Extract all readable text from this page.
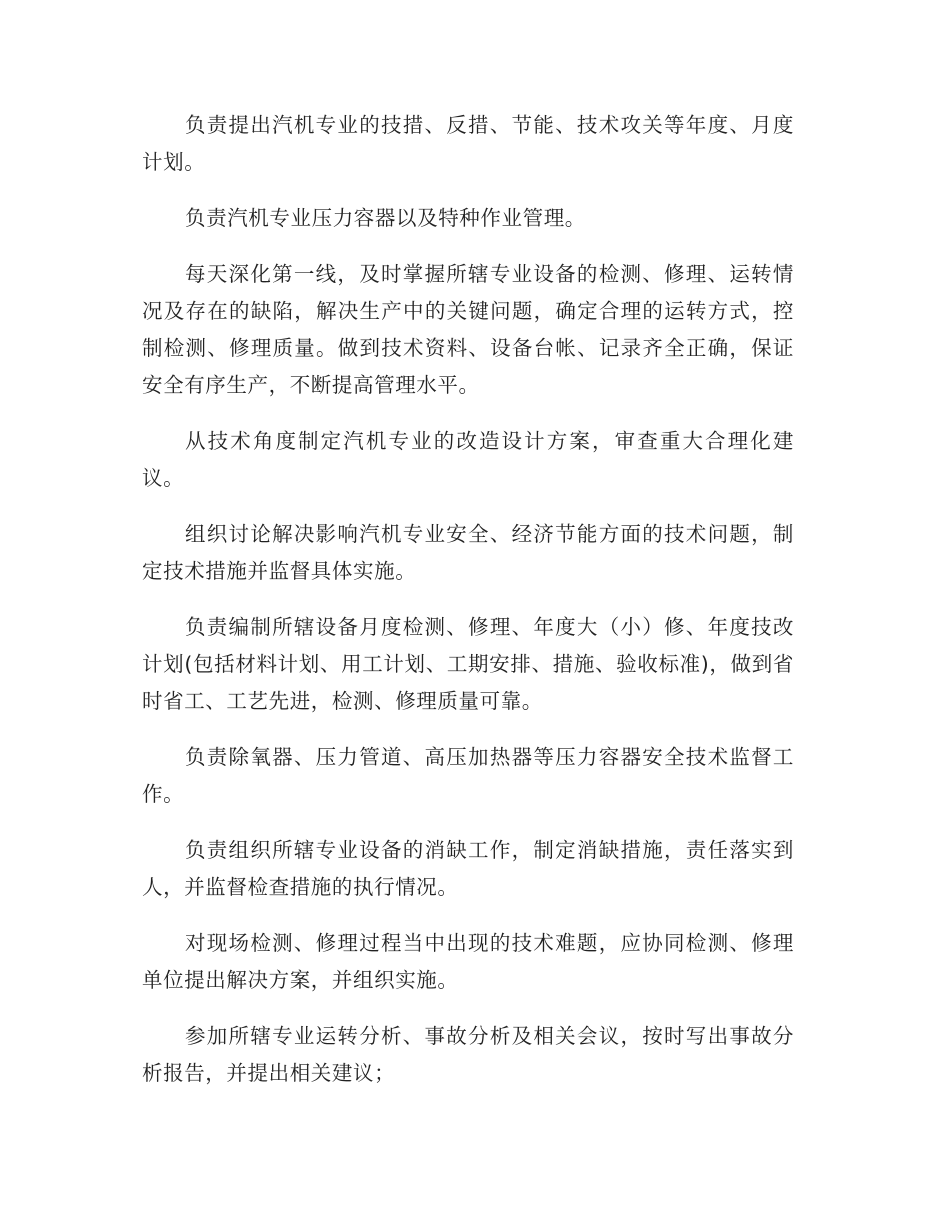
负责提出汽机专业的技措、反措、节能、技术攻关等年度、月度计划。

负责汽机专业压力容器以及特种作业管理。

每天深化第一线，及时掌握所辖专业设备的检测、修理、运转情况及存在的缺陷，解决生产中的关键问题，确定合理的运转方式，控制检测、修理质量。做到技术资料、设备台帐、记录齐全正确，保证安全有序生产，不断提高管理水平。

从技术角度制定汽机专业的改造设计方案，审查重大合理化建议。

组织讨论解决影响汽机专业安全、经济节能方面的技术问题，制定技术措施并监督具体实施。

负责编制所辖设备月度检测、修理、年度大（小）修、年度技改计划(包括材料计划、用工计划、工期安排、措施、验收标准)，做到省时省工、工艺先进，检测、修理质量可靠。

负责除氧器、压力管道、高压加热器等压力容器安全技术监督工作。

负责组织所辖专业设备的消缺工作，制定消缺措施，责任落实到人，并监督检查措施的执行情况。

对现场检测、修理过程当中出现的技术难题，应协同检测、修理单位提出解决方案，并组织实施。

参加所辖专业运转分析、事故分析及相关会议，按时写出事故分析报告，并提出相关建议；
